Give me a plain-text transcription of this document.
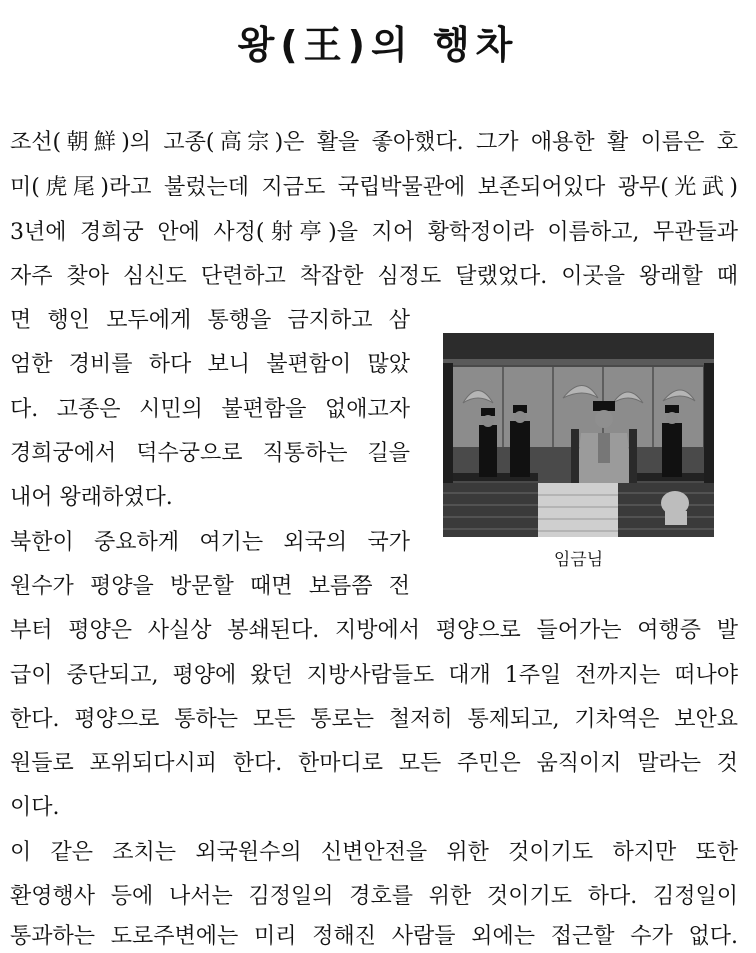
왕(王)의 행차
조선(朝鮮)의 고종(高宗)은 활을 좋아했다. 그가 애용한 활 이름은 호
미(虎尾)라고 불렀는데 지금도 국립박물관에 보존되어있다 광무(光武)
3년에 경희궁 안에 사정(射亭)을 지어 황학정이라 이름하고, 무관들과
자주 찾아 심신도 단련하고 착잡한 심정도 달랬었다. 이곳을 왕래할 때
면 행인 모두에게 통행을 금지하고 삼
엄한 경비를 하다 보니 불편함이 많았
다. 고종은 시민의 불편함을 없애고자
경희궁에서 덕수궁으로 직통하는 길을
내어 왕래하였다.
북한이 중요하게 여기는 외국의 국가
원수가 평양을 방문할 때면 보름쯤 전
부터 평양은 사실상 봉쇄된다. 지방에서 평양으로 들어가는 여행증 발
급이 중단되고, 평양에 왔던 지방사람들도 대개 1주일 전까지는 떠나야
한다. 평양으로 통하는 모든 통로는 철저히 통제되고, 기차역은 보안요
원들로 포위되다시피 한다. 한마디로 모든 주민은 움직이지 말라는 것
이다.
이 같은 조치는 외국원수의 신변안전을 위한 것이기도 하지만 또한
환영행사 등에 나서는 김정일의 경호를 위한 것이기도 하다. 김정일이
통과하는 도로주변에는 미리 정해진 사람들 외에는 접근할 수가 없다.
임금님
